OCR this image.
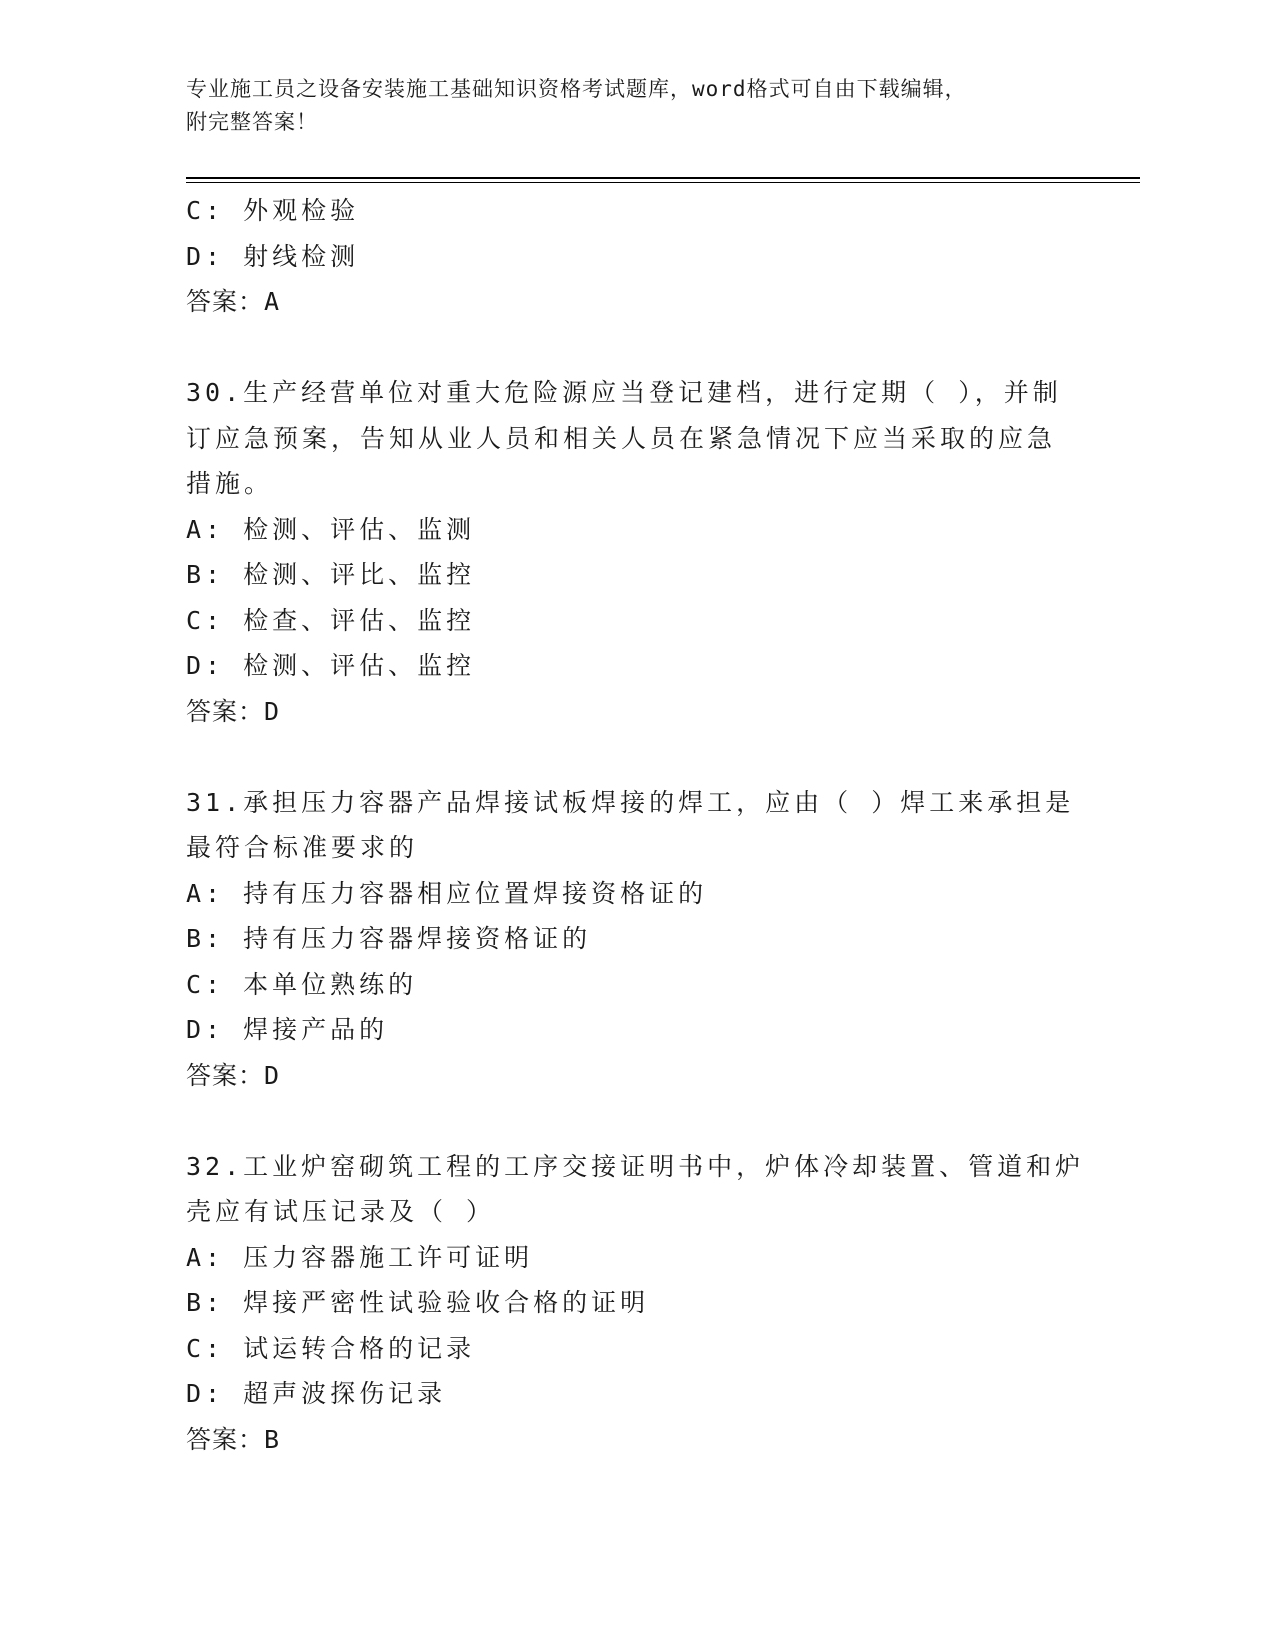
专业施工员之设备安装施工基础知识资格考试题库，word格式可自由下载编辑，
附完整答案！
C: 外观检验
D: 射线检测
答案：A
30.生产经营单位对重大危险源应当登记建档，进行定期（ ），并制
订应急预案，告知从业人员和相关人员在紧急情况下应当采取的应急
措施。
A: 检测、评估、监测
B: 检测、评比、监控
C: 检查、评估、监控
D: 检测、评估、监控
答案：D
31.承担压力容器产品焊接试板焊接的焊工，应由（ ）焊工来承担是
最符合标准要求的
A: 持有压力容器相应位置焊接资格证的
B: 持有压力容器焊接资格证的
C: 本单位熟练的
D: 焊接产品的
答案：D
32.工业炉窑砌筑工程的工序交接证明书中，炉体冷却装置、管道和炉
壳应有试压记录及（ ）
A: 压力容器施工许可证明
B: 焊接严密性试验验收合格的证明
C: 试运转合格的记录
D: 超声波探伤记录
答案：B
